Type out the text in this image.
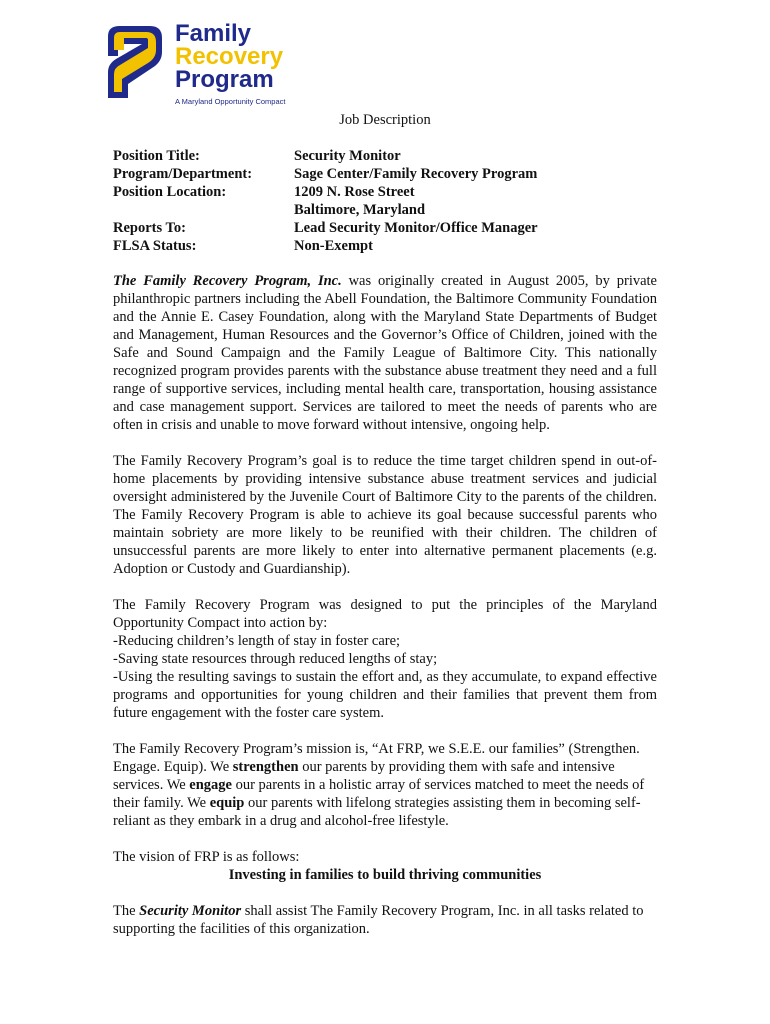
Family
Recovery
Program
A Maryland Opportunity Compact
Job Description
Position Title:	Security Monitor
Program/Department:	Sage Center/Family Recovery Program
Position Location:	1209 N. Rose Street
Baltimore, Maryland
Reports To:	Lead Security Monitor/Office Manager
FLSA Status:	Non-Exempt

The Family Recovery Program, Inc. was originally created in August 2005, by private philanthropic partners including the Abell Foundation, the Baltimore Community Foundation and the Annie E. Casey Foundation, along with the Maryland State Departments of Budget and Management, Human Resources and the Governor’s Office of Children, joined with the Safe and Sound Campaign and the Family League of Baltimore City. This nationally recognized program provides parents with the substance abuse treatment they need and a full range of supportive services, including mental health care, transportation, housing assistance and case management support. Services are tailored to meet the needs of parents who are often in crisis and unable to move forward without intensive, ongoing help.

The Family Recovery Program’s goal is to reduce the time target children spend in out-of-home placements by providing intensive substance abuse treatment services and judicial oversight administered by the Juvenile Court of Baltimore City to the parents of the children. The Family Recovery Program is able to achieve its goal because successful parents who maintain sobriety are more likely to be reunified with their children. The children of unsuccessful parents are more likely to enter into alternative permanent placements (e.g. Adoption or Custody and Guardianship).

The Family Recovery Program was designed to put the principles of the Maryland Opportunity Compact into action by:

-Reducing children’s length of stay in foster care;

-Saving state resources through reduced lengths of stay;

-Using the resulting savings to sustain the effort and, as they accumulate, to expand effective programs and opportunities for young children and their families that prevent them from future engagement with the foster care system.

The Family Recovery Program’s mission is, “At FRP, we S.E.E. our families” (Strengthen. Engage. Equip). We strengthen our parents by providing them with safe and intensive services. We engage our parents in a holistic array of services matched to meet the needs of their family. We equip our parents with lifelong strategies assisting them in becoming self-reliant as they embark in a drug and alcohol-free lifestyle.

The vision of FRP is as follows:

Investing in families to build thriving communities

The Security Monitor shall assist The Family Recovery Program, Inc. in all tasks related to supporting the facilities of this organization.
